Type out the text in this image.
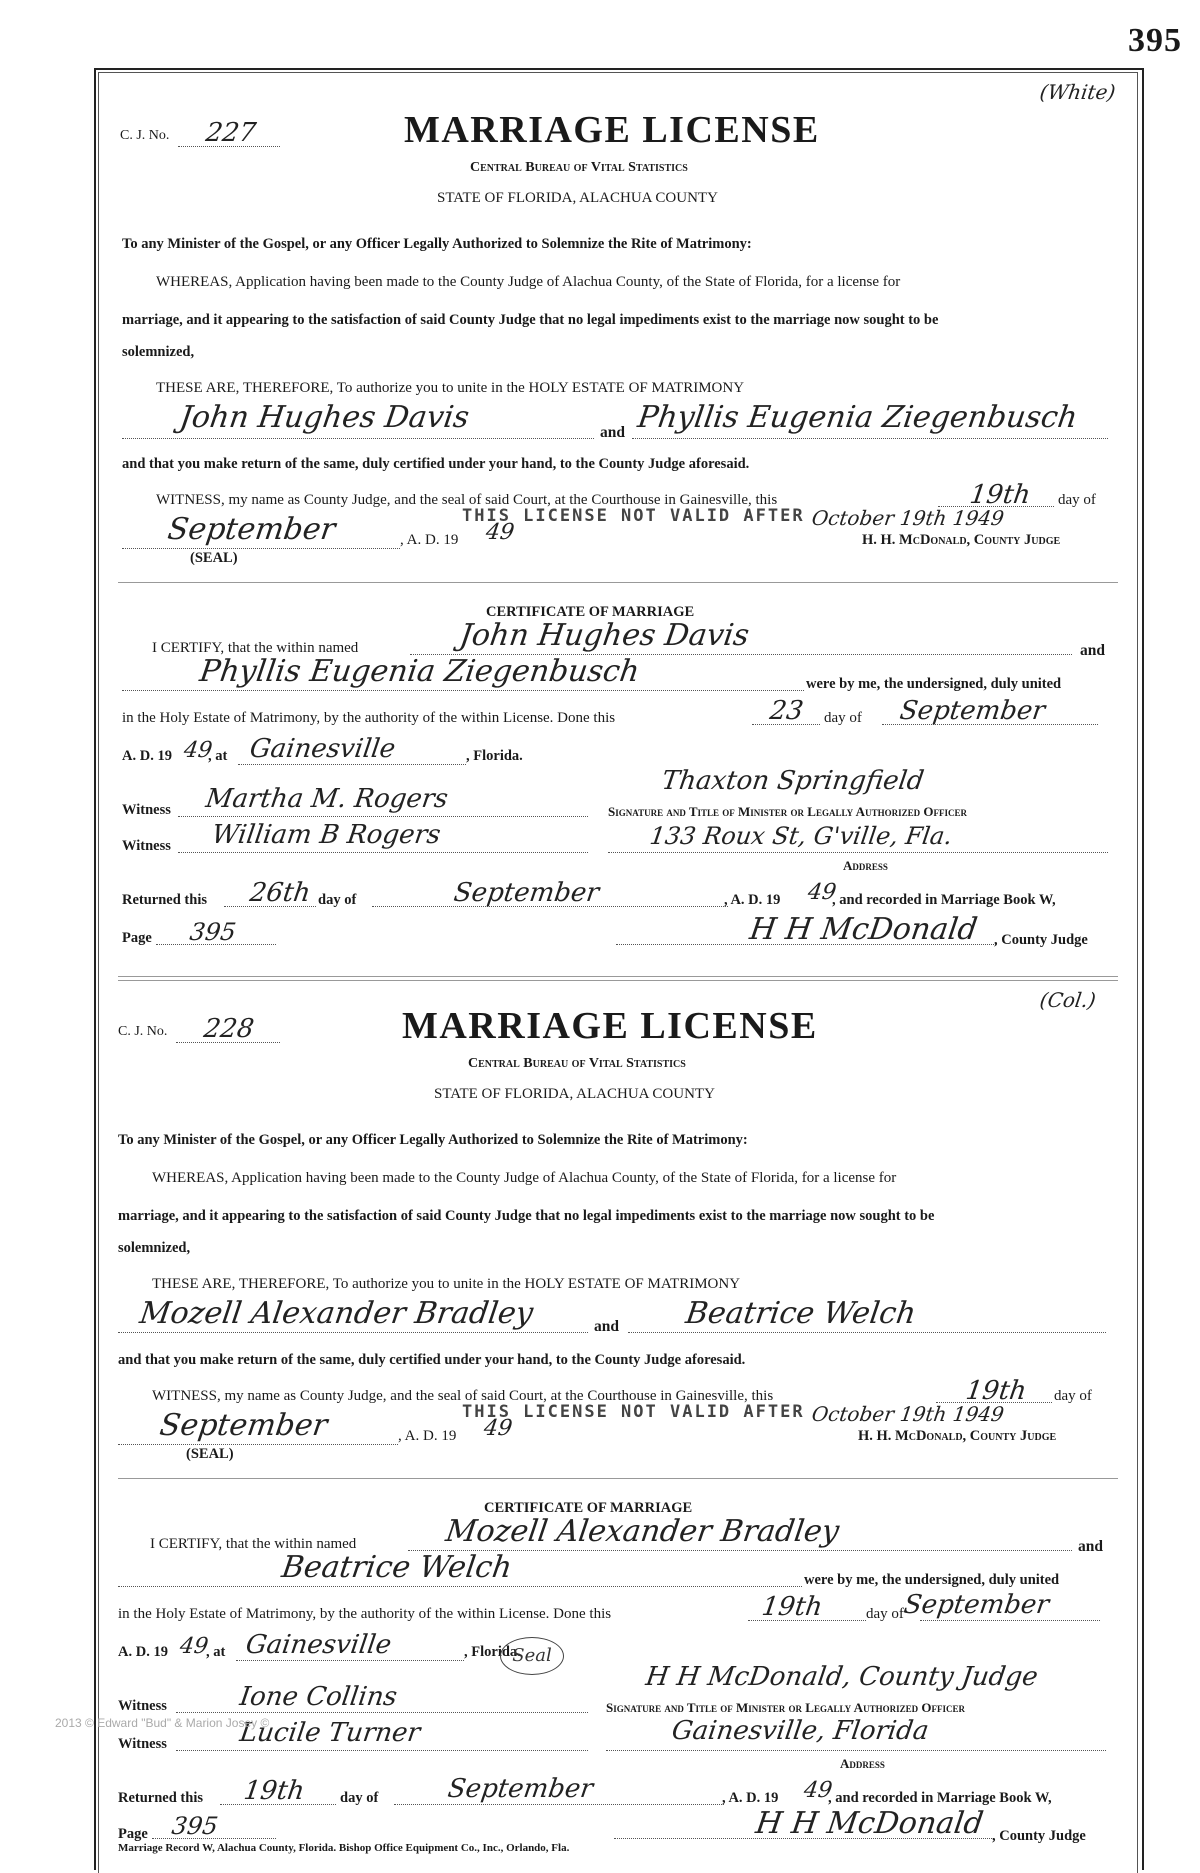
395
(White)
C. J. No. 227	MARRIAGE LICENSE
Central Bureau of Vital Statistics
STATE OF FLORIDA, ALACHUA COUNTY
To any Minister of the Gospel, or any Officer Legally Authorized to Solemnize the Rite of Matrimony:
WHEREAS, Application having been made to the County Judge of Alachua County, of the State of Florida, for a license for
marriage, and it appearing to the satisfaction of said County Judge that no legal impediments exist to the marriage now sought to be
solemnized,
THESE ARE, THEREFORE, To authorize you to unite in the HOLY ESTATE OF MATRIMONY
John Hughes Davis	and Phyllis Eugenia Ziegenbusch
and that you make return of the same, duly certified under your hand, to the County Judge aforesaid.
WITNESS, my name as County Judge, and the seal of said Court, at the Courthouse in Gainesville, this	19th day of
September	, A. D. 19 49
THIS LICENSE NOT VALID AFTER October 19th 1949
H. H. McDonald, County Judge
(SEAL)
CERTIFICATE OF MARRIAGE
I CERTIFY, that the within named	John Hughes Davis	and
Phyllis Eugenia Ziegenbusch	were by me, the undersigned, duly united
in the Holy Estate of Matrimony, by the authority of the within License. Done this	23 day of September
A. D. 19 49
, at Gainesville	, Florida.
Witness Martha M. Rogers
Thaxton Springfield
Signature and Title of Minister or Legally Authorized Officer
Witness William B Rogers	133 Roux St, G'ville, Fla.
Address
Returned this 26th day of	September	, A. D. 19 49
, and recorded in Marriage Book W,
Page 395	H H McDonald , County Judge
(Col.)
C. J. No. 228	MARRIAGE LICENSE
Central Bureau of Vital Statistics
STATE OF FLORIDA, ALACHUA COUNTY
To any Minister of the Gospel, or any Officer Legally Authorized to Solemnize the Rite of Matrimony:
WHEREAS, Application having been made to the County Judge of Alachua County, of the State of Florida, for a license for
marriage, and it appearing to the satisfaction of said County Judge that no legal impediments exist to the marriage now sought to be
solemnized,
THESE ARE, THEREFORE, To authorize you to unite in the HOLY ESTATE OF MATRIMONY
Mozell Alexander Bradley	and Beatrice Welch
and that you make return of the same, duly certified under your hand, to the County Judge aforesaid.
WITNESS, my name as County Judge, and the seal of said Court, at the Courthouse in Gainesville, this	19th day of
September	, A. D. 19 49
THIS LICENSE NOT VALID AFTER October 19th 1949
H. H. McDonald, County Judge
(SEAL)
CERTIFICATE OF MARRIAGE
I CERTIFY, that the within named	Mozell Alexander Bradley	and
Beatrice Welch	were by me, the undersigned, duly united
in the Holy Estate of Matrimony, by the authority of the within License. Done this	19th	day of
September
A. D. 19 49
, at Gainesville	, Florida.
Witness	Ione Collins
Seal
H H McDonald, County Judge
Signature and Title of Minister or Legally Authorized Officer
Witness	Lucile Turner	Gainesville, Florida
Address
Returned this 19th day of	September	, A. D. 19 49
, and recorded in Marriage Book W,
Page 395	H H McDonald , County Judge
Marriage Record W, Alachua County, Florida. Bishop Office Equipment Co., Inc., Orlando, Fla.
2013 © Edward "Bud" & Marion Josey ©
